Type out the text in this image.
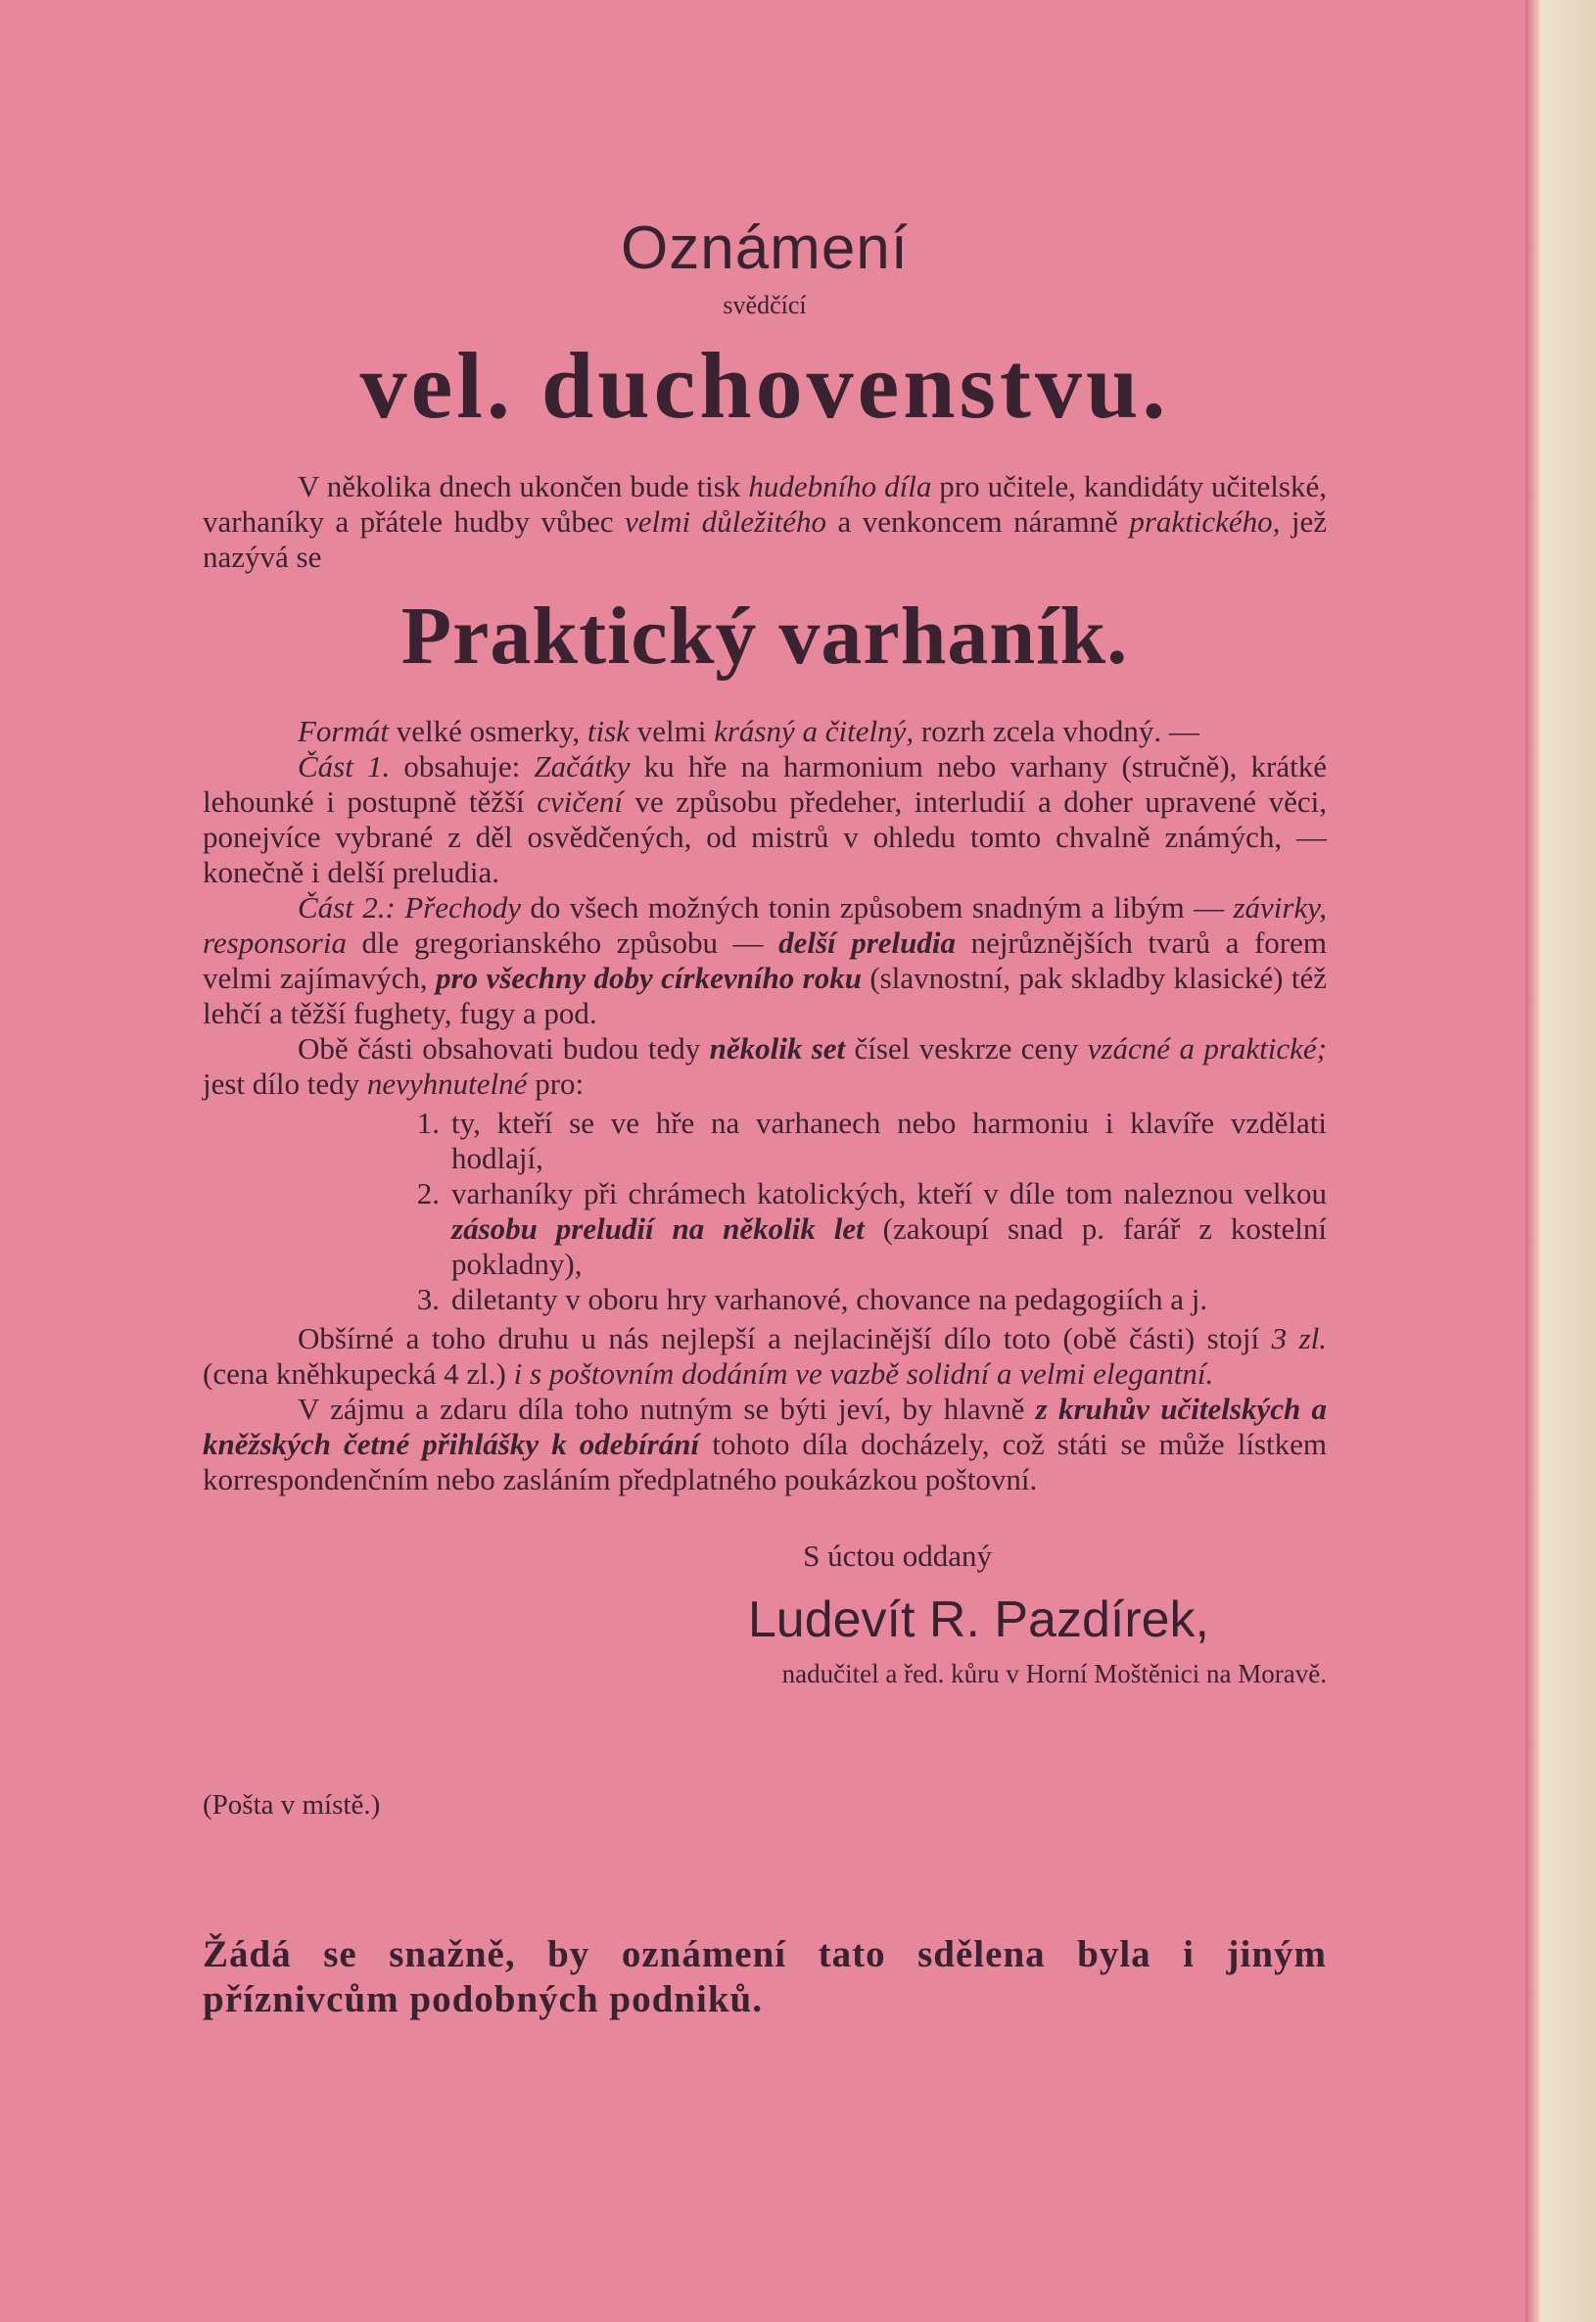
Oznámení
svědčící
vel. duchovenstvu.

V několika dnech ukončen bude tisk hudebního díla pro učitele, kandidáty učitelské, varhaníky a přátele hudby vůbec velmi důležitého a venkoncem náramně praktického, jež nazývá se

Praktický varhaník.

Formát velké osmerky, tisk velmi krásný a čitelný, rozrh zcela vhodný. —

Část 1. obsahuje: Začátky ku hře na harmonium nebo varhany (stručně), krátké lehounké i postupně těžší cvičení ve způsobu předeher, interludií a doher upravené věci, ponejvíce vybrané z děl osvědčených, od mistrů v ohledu tomto chvalně známých, — konečně i delší preludia.

Část 2.: Přechody do všech možných tonin způsobem snadným a libým — závirky, responsoria dle gregorianského způsobu — delší preludia nejrůznějších tvarů a forem velmi zajímavých, pro všechny doby církevního roku (slavnostní, pak skladby klasické) též lehčí a těžší fughety, fugy a pod.

Obě části obsahovati budou tedy několik set čísel veskrze ceny vzácné a praktické; jest dílo tedy nevyhnutelné pro:

1. ty, kteří se ve hře na varhanech nebo harmoniu i klavíře vzdělati hodlají,
2. varhaníky při chrámech katolických, kteří v díle tom naleznou velkou zásobu preludií na několik let (zakoupí snad p. farář z kostelní pokladny),
3. diletanty v oboru hry varhanové, chovance na pedagogiích a j.

Obšírné a toho druhu u nás nejlepší a nejlacinější dílo toto (obě části) stojí 3 zl. (cena kněhkupecká 4 zl.) i s poštovním dodáním ve vazbě solidní a velmi elegantní.

V zájmu a zdaru díla toho nutným se býti jeví, by hlavně z kruhův učitelských a kněžských četné přihlášky k odebírání tohoto díla docházely, což státi se může lístkem korrespondenčním nebo zasláním předplatného poukázkou poštovní.

S úctou oddaný
Ludevít R. Pazdírek,
nadučitel a řed. kůru v Horní Moštěnici na Moravě.
(Pošta v místě.)
Žádá se snažně, by oznámení tato sdělena byla i jiným příznivcům podobných podniků.
